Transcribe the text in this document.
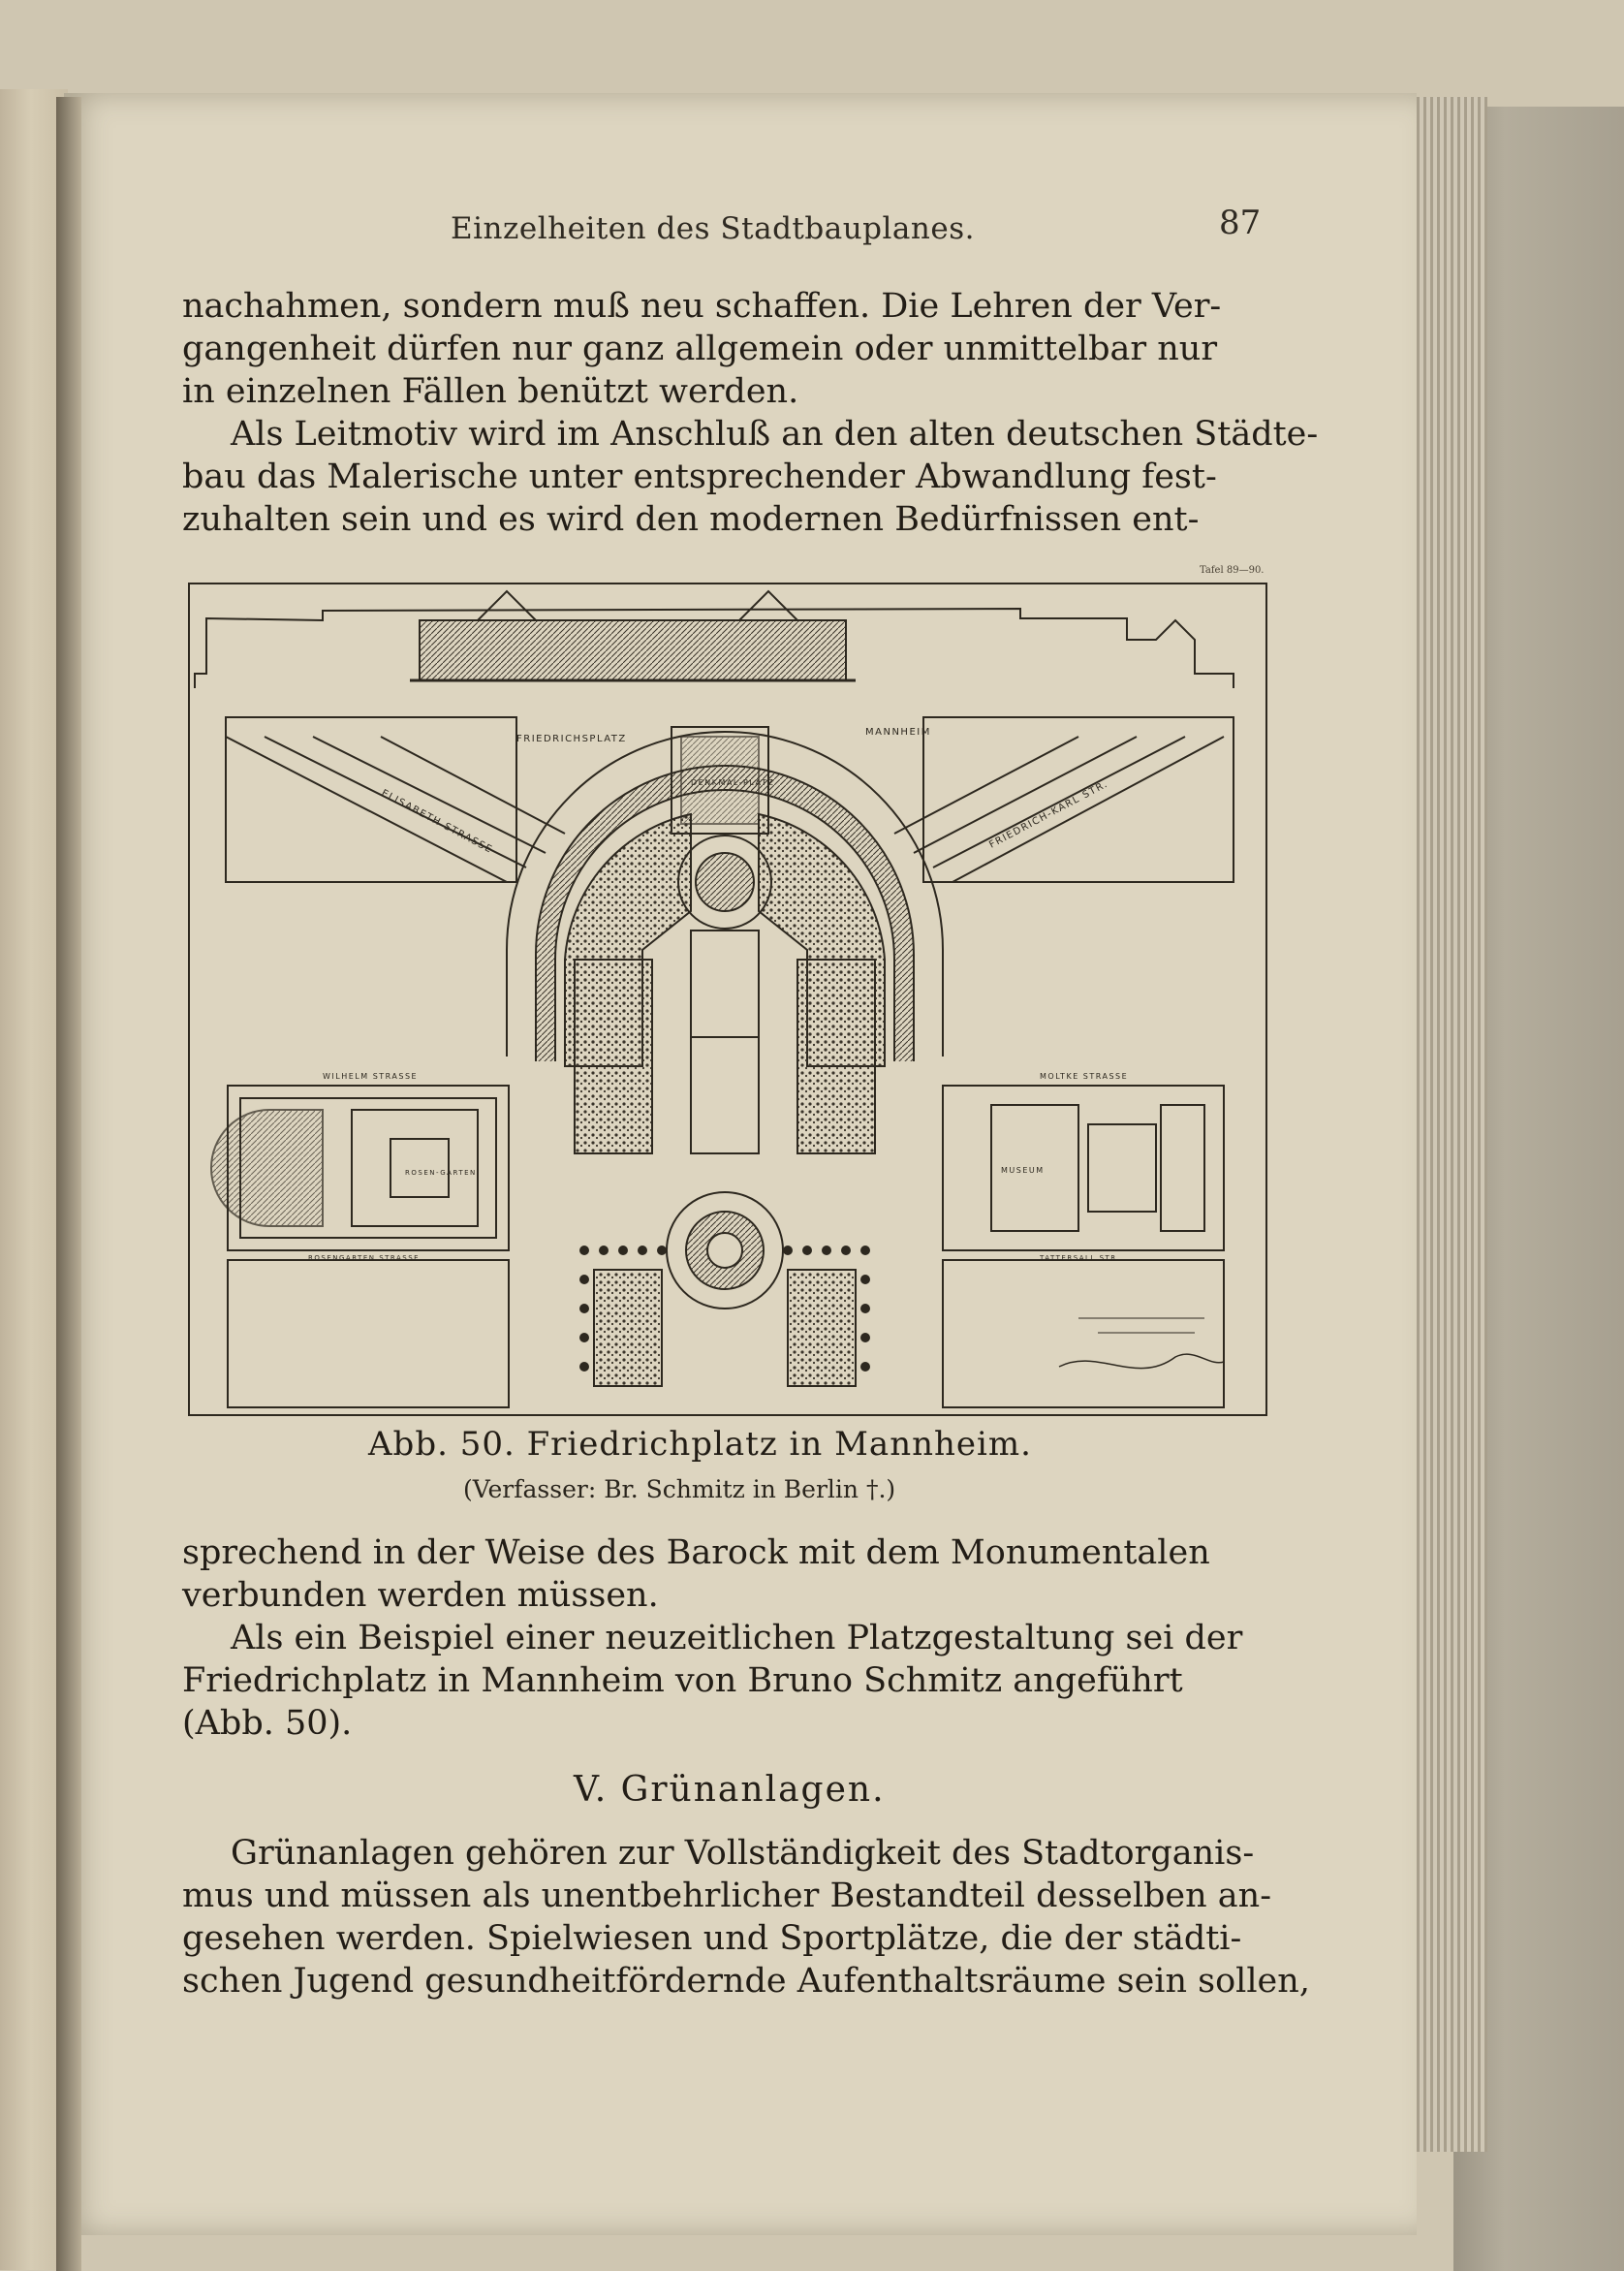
Einzelheiten des Stadtbauplanes.	87

nachahmen, sondern muß neu schaffen. Die Lehren der Ver-
gangenheit dürfen nur ganz allgemein oder unmittelbar nur
in einzelnen Fällen benützt werden.
Als Leitmotiv wird im Anschluß an den alten deutschen Städte-
bau das Malerische unter entsprechender Abwandlung fest-
zuhalten sein und es wird den modernen Bedürfnissen ent-

Tafel 89—90.
FRIEDRICHSPLATZ
MANNHEIM
ELISABETH STRASSE	FRIEDRICH-KARL STR.
DENKMAL-PLATZ
WILHELM STRASSE	MOLTKE STRASSE
ROSEN-GARTEN	MUSEUM
ROSENGARTEN STRASSE	TATTERSALL STR.
Abb. 50. Friedrichplatz in Mannheim.
(Verfasser: Br. Schmitz in Berlin †.)

sprechend in der Weise des Barock mit dem Monumentalen
verbunden werden müssen.
Als ein Beispiel einer neuzeitlichen Platzgestaltung sei der
Friedrichplatz in Mannheim von Bruno Schmitz angeführt
(Abb. 50).

V. Grünanlagen.

Grünanlagen gehören zur Vollständigkeit des Stadtorganis-
mus und müssen als unentbehrlicher Bestandteil desselben an-
gesehen werden. Spielwiesen und Sportplätze, die der städti-
schen Jugend gesundheitfördernde Aufenthaltsräume sein sollen,
